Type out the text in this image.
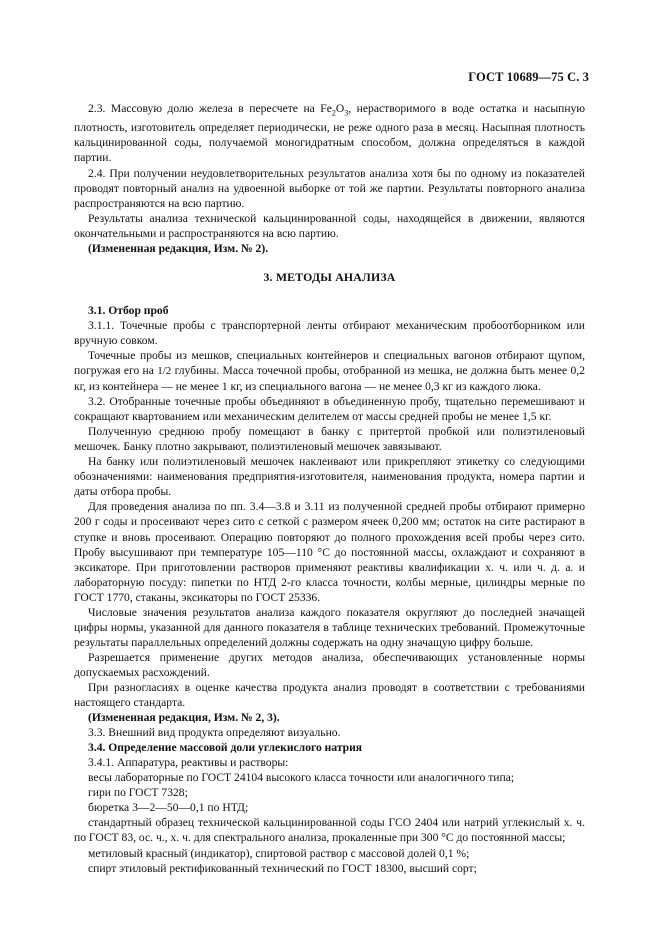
ГОСТ 10689—75 С. 3

2.3. Массовую долю железа в пересчете на $Fe_2O_3$, нерастворимого в воде остатка и насыпную плотность, изготовитель определяет периодически, не реже одного раза в месяц. Насыпная плотность кальцинированной соды, получаемой моногидратным способом, должна определяться в каждой партии.

2.4. При получении неудовлетворительных результатов анализа хотя бы по одному из показателей проводят повторный анализ на удвоенной выборке от той же партии. Результаты повторного анализа распространяются на всю партию.

Результаты анализа технической кальцинированной соды, находящейся в движении, являются окончательными и распространяются на всю партию.

(Измененная редакция, Изм. № 2).

3. МЕТОДЫ АНАЛИЗА

3.1. Отбор проб

3.1.1. Точечные пробы с транспортерной ленты отбирают механическим пробоотборником или вручную совком.

Точечные пробы из мешков, специальных контейнеров и специальных вагонов отбирают щупом, погружая его на 1/2 глубины. Масса точечной пробы, отобранной из мешка, не должна быть менее 0,2 кг, из контейнера — не менее 1 кг, из специального вагона — не менее 0,3 кг из каждого люка.

3.2. Отобранные точечные пробы объединяют в объединенную пробу, тщательно перемешивают и сокращают квартованием или механическим делителем от массы средней пробы не менее 1,5 кг.

Полученную среднюю пробу помещают в банку с притертой пробкой или полиэтиленовый мешочек. Банку плотно закрывают, полиэтиленовый мешочек завязывают.

На банку или полиэтиленовый мешочек наклеивают или прикрепляют этикетку со следующими обозначениями: наименования предприятия-изготовителя, наименования продукта, номера партии и даты отбора пробы.

Для проведения анализа по пп. 3.4—3.8 и 3.11 из полученной средней пробы отбирают примерно 200 г соды и просеивают через сито с сеткой с размером ячеек 0,200 мм; остаток на сите растирают в ступке и вновь просеивают. Операцию повторяют до полного прохождения всей пробы через сито. Пробу высушивают при температуре 105—110 °С до постоянной массы, охлаждают и сохраняют в эксикаторе. При приготовлении растворов применяют реактивы квалификации х. ч. или ч. д. а. и лабораторную посуду: пипетки по НТД 2-го класса точности, колбы мерные, цилиндры мерные по ГОСТ 1770, стаканы, эксикаторы по ГОСТ 25336.

Числовые значения результатов анализа каждого показателя округляют до последней значащей цифры нормы, указанной для данного показателя в таблице технических требований. Промежуточные результаты параллельных определений должны содержать на одну значащую цифру больше.

Разрешается применение других методов анализа, обеспечивающих установленные нормы допускаемых расхождений.

При разногласиях в оценке качества продукта анализ проводят в соответствии с требованиями настоящего стандарта.

(Измененная редакция, Изм. № 2, 3).

3.3. Внешний вид продукта определяют визуально.

3.4. Определение массовой доли углекислого натрия

3.4.1. Аппаратура, реактивы и растворы:

весы лабораторные по ГОСТ 24104 высокого класса точности или аналогичного типа;

гири по ГОСТ 7328;

бюретка 3—2—50—0,1 по НТД;

стандартный образец технической кальцинированной соды ГСО 2404 или натрий углекислый х. ч. по ГОСТ 83, ос. ч., х. ч. для спектрального анализа, прокаленные при 300 °С до постоянной массы;

метиловый красный (индикатор), спиртовой раствор с массовой долей 0,1 %;

спирт этиловый ректификованный технический по ГОСТ 18300, высший сорт;
